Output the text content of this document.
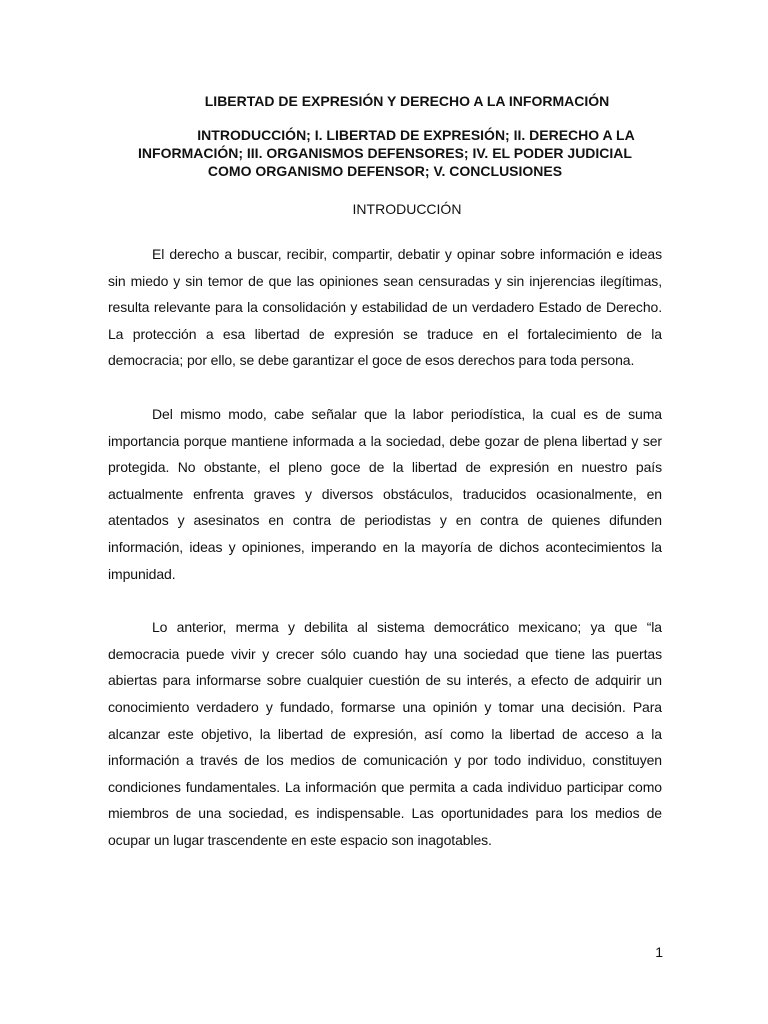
LIBERTAD DE EXPRESIÓN Y DERECHO A LA INFORMACIÓN
INTRODUCCIÓN; I. LIBERTAD DE EXPRESIÓN; II. DERECHO A LA
INFORMACIÓN; III. ORGANISMOS DEFENSORES; IV. EL PODER JUDICIAL
COMO ORGANISMO DEFENSOR; V. CONCLUSIONES
INTRODUCCIÓN

El derecho a buscar, recibir, compartir, debatir y opinar sobre información e ideas sin miedo y sin temor de que las opiniones sean censuradas y sin injerencias ilegítimas, resulta relevante para la consolidación y estabilidad de un verdadero Estado de Derecho. La protección a esa libertad de expresión se traduce en el fortalecimiento de la democracia; por ello, se debe garantizar el goce de esos derechos para toda persona.

Del mismo modo, cabe señalar que la labor periodística, la cual es de suma importancia porque mantiene informada a la sociedad, debe gozar de plena libertad y ser protegida. No obstante, el pleno goce de la libertad de expresión en nuestro país actualmente enfrenta graves y diversos obstáculos, traducidos ocasionalmente, en atentados y asesinatos en contra de periodistas y en contra de quienes difunden información, ideas y opiniones, imperando en la mayoría de dichos acontecimientos la impunidad.

Lo anterior, merma y debilita al sistema democrático mexicano; ya que “la democracia puede vivir y crecer sólo cuando hay una sociedad que tiene las puertas abiertas para informarse sobre cualquier cuestión de su interés, a efecto de adquirir un conocimiento verdadero y fundado, formarse una opinión y tomar una decisión. Para alcanzar este objetivo, la libertad de expresión, así como la libertad de acceso a la información a través de los medios de comunicación y por todo individuo, constituyen condiciones fundamentales. La información que permita a cada individuo participar como miembros de una sociedad, es indispensable. Las oportunidades para los medios de ocupar un lugar trascendente en este espacio son inagotables.

1
